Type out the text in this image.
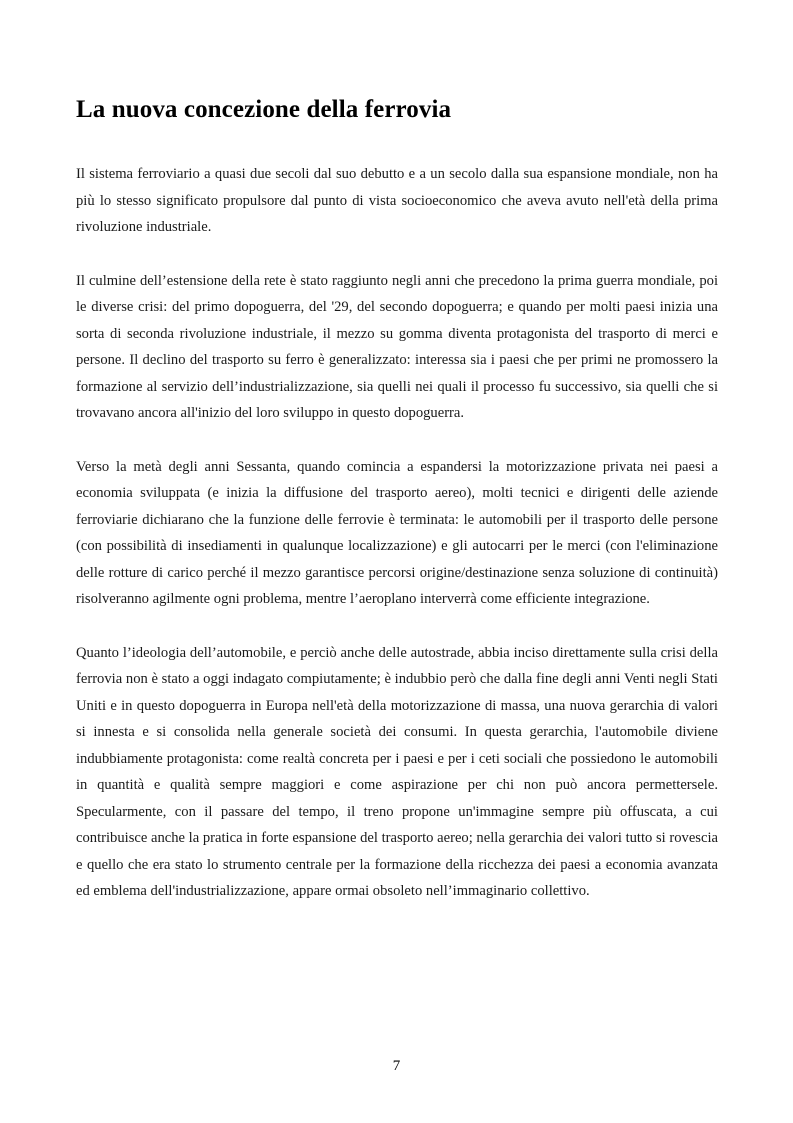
La nuova concezione della ferrovia

Il sistema ferroviario a quasi due secoli dal suo debutto e a un secolo dalla sua espansione mondiale, non ha più lo stesso significato propulsore dal punto di vista socioeconomico che aveva avuto nell'età della prima rivoluzione industriale.

Il culmine dell’estensione della rete è stato raggiunto negli anni che precedono la prima guerra mondiale, poi le diverse crisi: del primo dopoguerra, del '29, del secondo dopoguerra; e quando per molti paesi inizia una sorta di seconda rivoluzione industriale, il mezzo su gomma diventa protagonista del trasporto di merci e persone. Il declino del trasporto su ferro è generalizzato: interessa sia i paesi che per primi ne promossero la formazione al servizio dell’industrializzazione, sia quelli nei quali il processo fu successivo, sia quelli che si trovavano ancora all'inizio del loro sviluppo in questo dopoguerra.

Verso la metà degli anni Sessanta, quando comincia a espandersi la motorizzazione privata nei paesi a economia sviluppata (e inizia la diffusione del trasporto aereo), molti tecnici e dirigenti delle aziende ferroviarie dichiarano che la funzione delle ferrovie è terminata: le automobili per il trasporto delle persone (con possibilità di insediamenti in qualunque localizzazione) e gli autocarri per le merci (con l'eliminazione delle rotture di carico perché il mezzo garantisce percorsi origine/destinazione senza soluzione di continuità) risolveranno agilmente ogni problema, mentre l’aeroplano interverrà come efficiente integrazione.

Quanto l’ideologia dell’automobile, e perciò anche delle autostrade, abbia inciso direttamente sulla crisi della ferrovia non è stato a oggi indagato compiutamente; è indubbio però che dalla fine degli anni Venti negli Stati Uniti e in questo dopoguerra in Europa nell'età della motorizzazione di massa, una nuova gerarchia di valori si innesta e si consolida nella generale società dei consumi. In questa gerarchia, l'automobile diviene indubbiamente protagonista: come realtà concreta per i paesi e per i ceti sociali che possiedono le automobili in quantità e qualità sempre maggiori e come aspirazione per chi non può ancora permettersele. Specularmente, con il passare del tempo, il treno propone un'immagine sempre più offuscata, a cui contribuisce anche la pratica in forte espansione del trasporto aereo; nella gerarchia dei valori tutto si rovescia e quello che era stato lo strumento centrale per la formazione della ricchezza dei paesi a economia avanzata ed emblema dell'industrializzazione, appare ormai obsoleto nell’immaginario collettivo.

7
